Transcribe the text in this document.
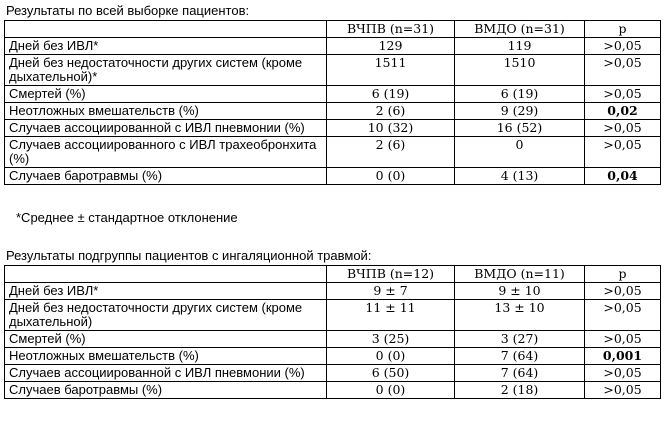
Результаты по всей выборке пациентов:
	ВЧПВ (n=31)	ВМДО (n=31)	p
Дней без ИВЛ*	129	119	>0,05
Дней без недостаточности других систем (кроме дыхательной)*	1511	1510	>0,05
Смертей (%)	6 (19)	6 (19)	>0,05
Неотложных вмешательств (%)	2 (6)	9 (29)	0,02
Случаев ассоциированной с ИВЛ пневмонии (%)	10 (32)	16 (52)	>0,05
Случаев ассоциированного с ИВЛ трахеобронхита (%)	2 (6)	0	>0,05
Случаев баротравмы (%)	0 (0)	4 (13)	0,04
*Среднее ± стандартное отклонение
Результаты подгруппы пациентов с ингаляционной травмой:
	ВЧПВ (n=12)	ВМДО (n=11)	p
Дней без ИВЛ*	9 ± 7	9 ± 10	>0,05
Дней без недостаточности других систем (кроме дыхательной)	11 ± 11	13 ± 10	>0,05
Смертей (%)	3 (25)	3 (27)	>0,05
Неотложных вмешательств (%)	0 (0)	7 (64)	0,001
Случаев ассоциированной с ИВЛ пневмонии (%)	6 (50)	7 (64)	>0,05
Случаев баротравмы (%)	0 (0)	2 (18)	>0,05
